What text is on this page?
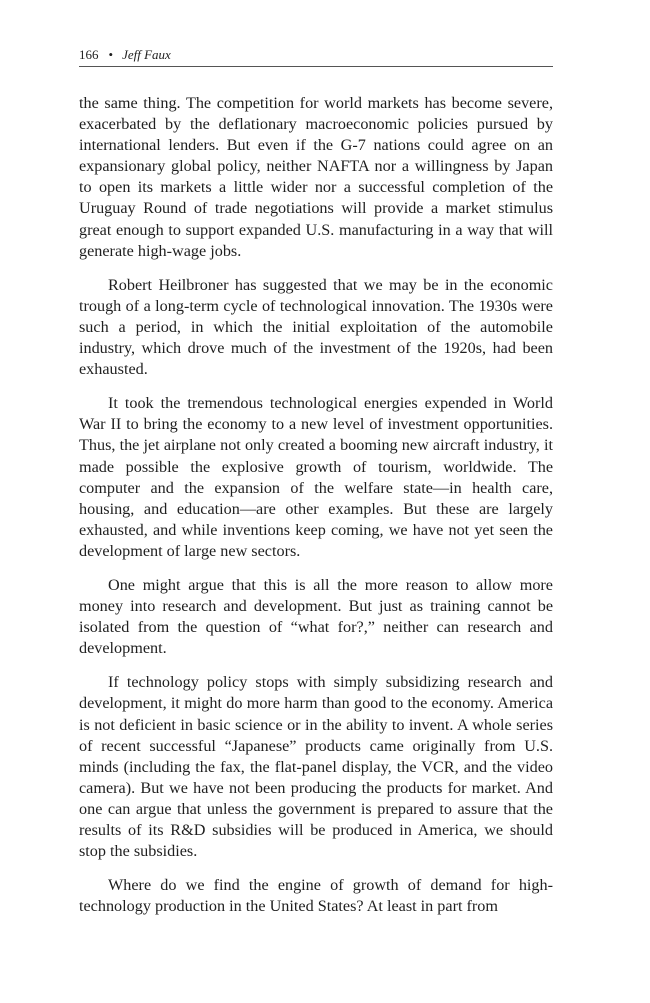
166 • Jeff Faux

the same thing. The competition for world markets has become severe, exacerbated by the deflationary macroeconomic policies pursued by international lenders. But even if the G-7 nations could agree on an expansionary global policy, neither NAFTA nor a willingness by Japan to open its markets a little wider nor a successful completion of the Uruguay Round of trade negotiations will provide a market stimulus great enough to support expanded U.S. manufacturing in a way that will generate high-wage jobs.

Robert Heilbroner has suggested that we may be in the economic trough of a long-term cycle of technological innovation. The 1930s were such a period, in which the initial exploitation of the automobile industry, which drove much of the investment of the 1920s, had been exhausted.

It took the tremendous technological energies expended in World War II to bring the economy to a new level of investment opportunities. Thus, the jet airplane not only created a booming new aircraft industry, it made possible the explosive growth of tourism, worldwide. The computer and the expansion of the welfare state—in health care, housing, and education—are other examples. But these are largely exhausted, and while inventions keep coming, we have not yet seen the development of large new sectors.

One might argue that this is all the more reason to allow more money into research and development. But just as training cannot be isolated from the question of “what for?,” neither can research and development.

If technology policy stops with simply subsidizing research and development, it might do more harm than good to the economy. America is not deficient in basic science or in the ability to invent. A whole series of recent successful “Japanese” products came originally from U.S. minds (including the fax, the flat-panel display, the VCR, and the video camera). But we have not been producing the products for market. And one can argue that unless the government is prepared to assure that the results of its R&D subsidies will be produced in America, we should stop the subsidies.

Where do we find the engine of growth of demand for high-technology production in the United States? At least in part from
